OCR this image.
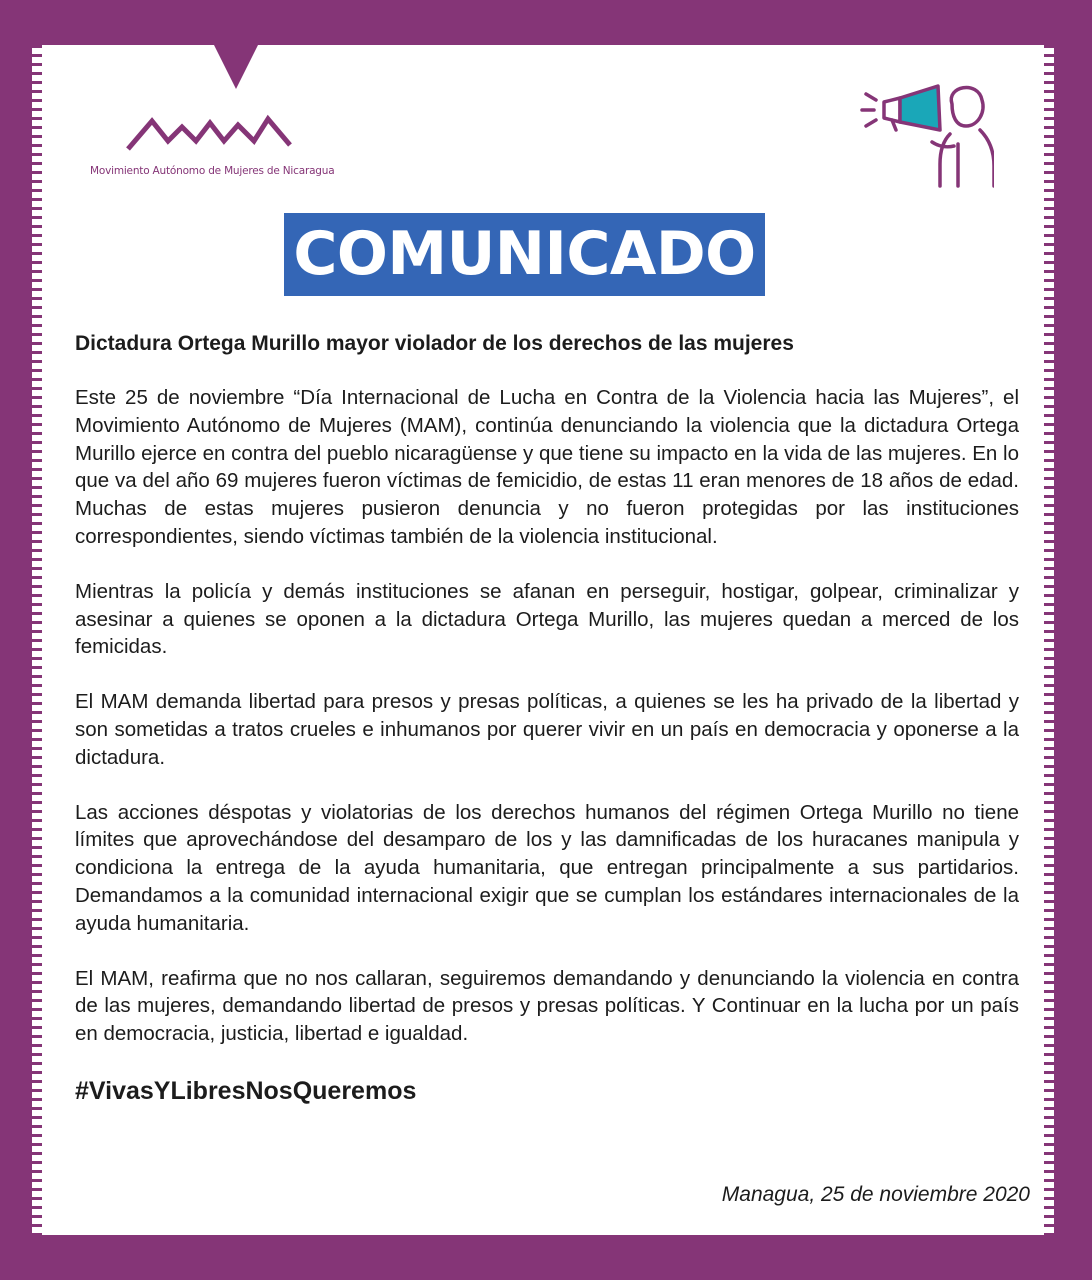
Movimiento Autónomo de Mujeres de Nicaragua
COMUNICADO
Dictadura Ortega Murillo mayor violador de los derechos de las mujeres

Este 25 de noviembre “Día Internacional de Lucha en Contra de la Violencia hacia las Mujeres”, el Movimiento Autónomo de Mujeres (MAM), continúa denunciando la violencia que la dictadura Ortega Murillo ejerce en contra del pueblo nicaragüense y que tiene su impacto en la vida de las mujeres. En lo que va del año 69 mujeres fueron víctimas de femicidio, de estas 11 eran menores de 18 años de edad. Muchas de estas mujeres pusieron denuncia y no fueron protegidas por las instituciones correspondientes, siendo víctimas también de la violencia institucional.

Mientras la policía y demás instituciones se afanan en perseguir, hostigar, golpear, criminalizar y asesinar a quienes se oponen a la dictadura Ortega Murillo, las mujeres quedan a merced de los femicidas.

El MAM demanda libertad para presos y presas políticas, a quienes se les ha privado de la libertad y son sometidas a tratos crueles e inhumanos por querer vivir en un país en democracia y oponerse a la dictadura.

Las acciones déspotas y violatorias de los derechos humanos del régimen Ortega Murillo no tiene límites que aprovechándose del desamparo de los y las damnificadas de los huracanes manipula y condiciona la entrega de la ayuda humanitaria, que entregan principalmente a sus partidarios. Demandamos a la comunidad internacional exigir que se cumplan los estándares internacionales de la ayuda humanitaria.

El MAM, reafirma que no nos callaran, seguiremos demandando y denunciando la violencia en contra de las mujeres, demandando libertad de presos y presas políticas. Y Continuar en la lucha por un país en democracia, justicia, libertad e igualdad.

#VivasYLibresNosQueremos
Managua, 25 de noviembre 2020
